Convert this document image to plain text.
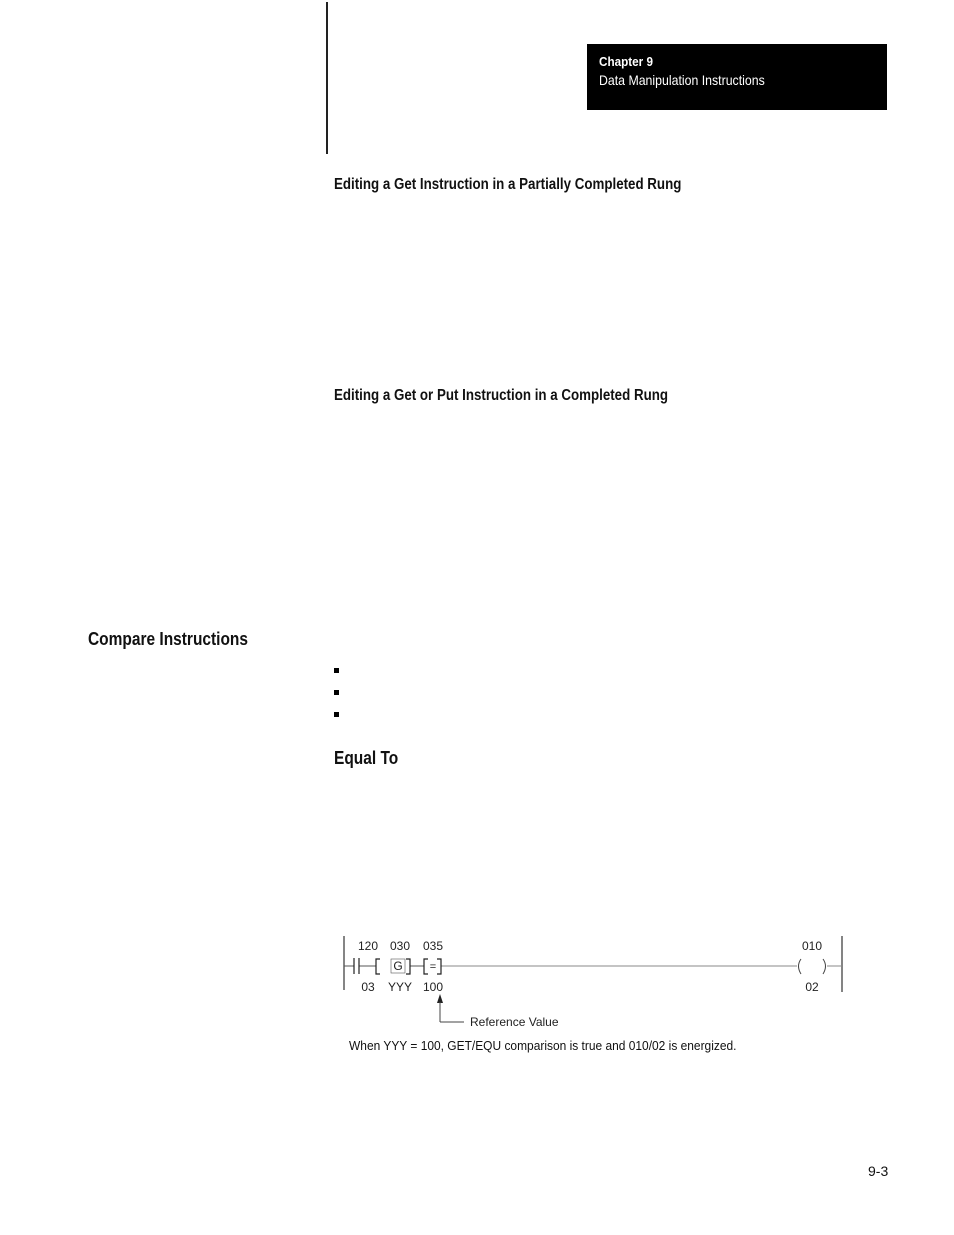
Chapter 9
Data Manipulation Instructions
Editing a Get Instruction in a Partially Completed Rung
Editing a Get or Put Instruction in a Completed Rung
Compare Instructions
Equal To
120
03
G
030
YYY
=
035
100
010
02
Reference Value
When YYY = 100, GET/EQU comparison is true and 010/02 is energized.
9-3
